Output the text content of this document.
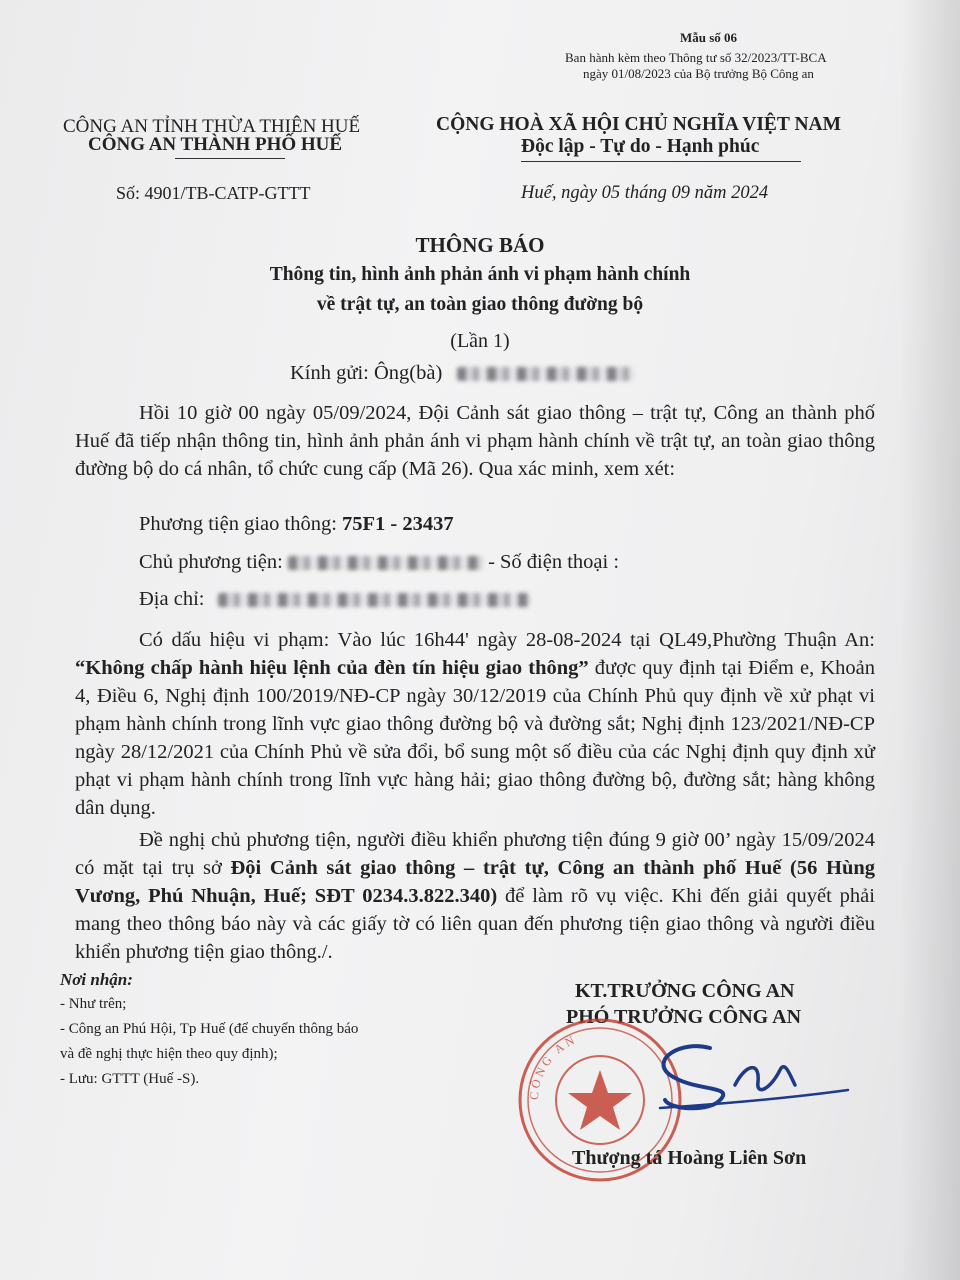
Mẫu số 06
Ban hành kèm theo Thông tư số 32/2023/TT-BCA
ngày 01/08/2023 của Bộ trưởng Bộ Công an
CÔNG AN TỈNH THỪA THIÊN HUẾ
CÔNG AN THÀNH PHỐ HUẾ
Số: 4901/TB-CATP-GTTT
CỘNG HOÀ XÃ HỘI CHỦ NGHĨA VIỆT NAM
Độc lập - Tự do - Hạnh phúc
Huế, ngày 05 tháng 09 năm 2024
THÔNG BÁO
Thông tin, hình ảnh phản ánh vi phạm hành chính
về trật tự, an toàn giao thông đường bộ
(Lần 1)
Kính gửi: Ông(bà)
Hồi 10 giờ 00 ngày 05/09/2024, Đội Cảnh sát giao thông – trật tự, Công an thành phố Huế đã tiếp nhận thông tin, hình ảnh phản ánh vi phạm hành chính về trật tự, an toàn giao thông đường bộ do cá nhân, tổ chức cung cấp (Mã 26). Qua xác minh, xem xét:
Phương tiện giao thông: 75F1 - 23437
Chủ phương tiện:	- Số điện thoại :
Địa chỉ:
Có dấu hiệu vi phạm: Vào lúc 16h44' ngày 28-08-2024 tại QL49,Phường Thuận An: “Không chấp hành hiệu lệnh của đèn tín hiệu giao thông” được quy định tại Điểm e, Khoản 4, Điều 6, Nghị định 100/2019/NĐ-CP ngày 30/12/2019 của Chính Phủ quy định về xử phạt vi phạm hành chính trong lĩnh vực giao thông đường bộ và đường sắt; Nghị định 123/2021/NĐ-CP ngày 28/12/2021 của Chính Phủ về sửa đổi, bổ sung một số điều của các Nghị định quy định xử phạt vi phạm hành chính trong lĩnh vực hàng hải; giao thông đường bộ, đường sắt; hàng không dân dụng.
Đề nghị chủ phương tiện, người điều khiển phương tiện đúng 9 giờ 00’ ngày 15/09/2024 có mặt tại trụ sở Đội Cảnh sát giao thông – trật tự, Công an thành phố Huế (56 Hùng Vương, Phú Nhuận, Huế; SĐT 0234.3.822.340) để làm rõ vụ việc. Khi đến giải quyết phải mang theo thông báo này và các giấy tờ có liên quan đến phương tiện giao thông và người điều khiển phương tiện giao thông./.
Nơi nhận:
- Như trên;
- Công an Phú Hội, Tp Huế (để chuyển thông báo
và đề nghị thực hiện theo quy định);
- Lưu: GTTT (Huế -S).
KT.TRƯỞNG CÔNG AN
PHÓ TRƯỞNG CÔNG AN
CÔNG AN
Thượng tá Hoàng Liên Sơn
